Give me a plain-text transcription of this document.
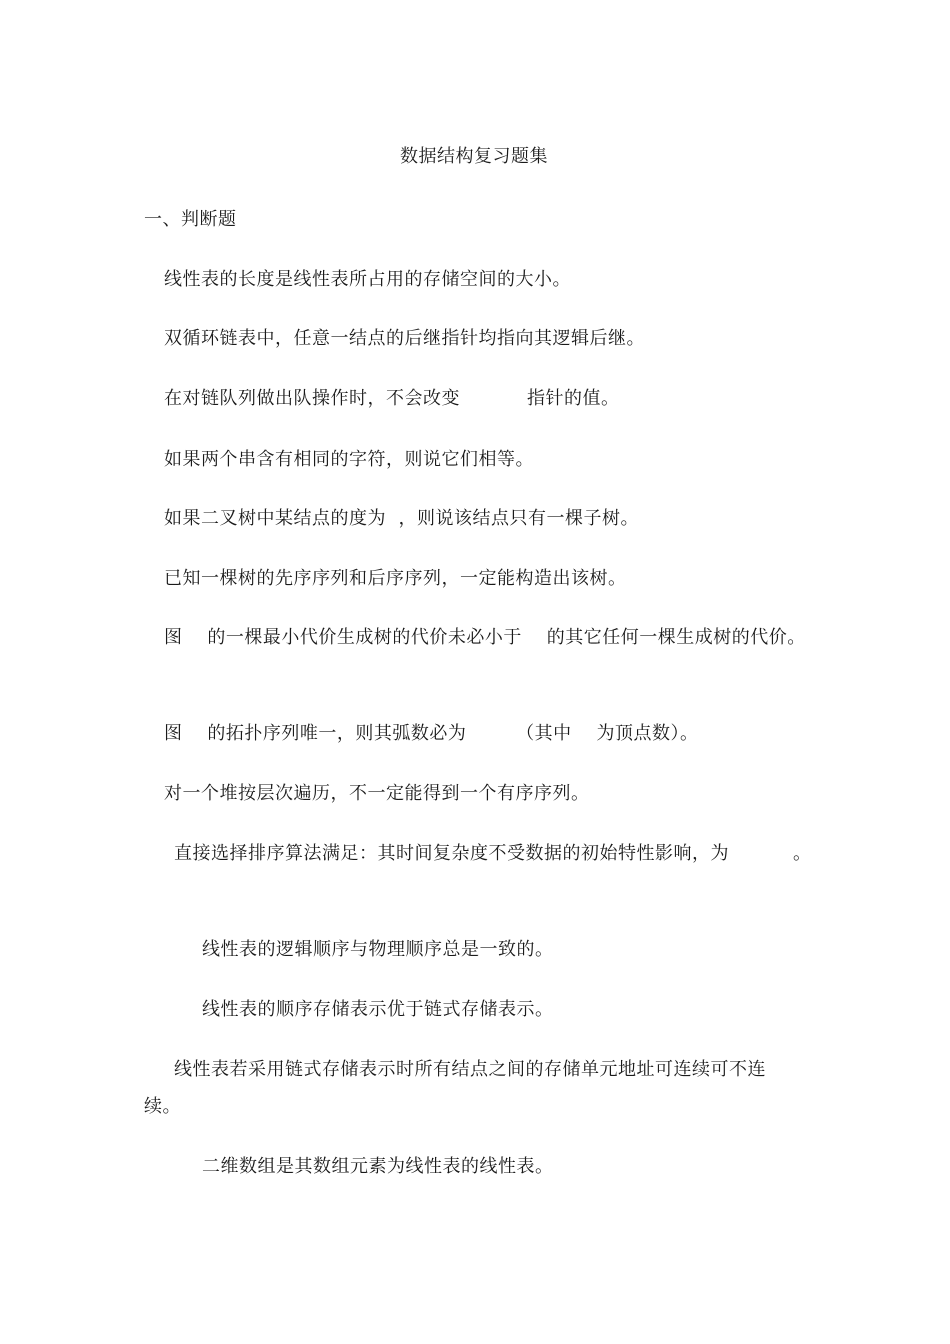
数据结构复习题集
一、判断题
线性表的长度是线性表所占用的存储空间的大小。
双循环链表中，任意一结点的后继指针均指向其逻辑后继。
在对链队列做出队操作时，不会改变	指针的值。
如果两个串含有相同的字符，则说它们相等。
如果二叉树中某结点的度为  ，则说该结点只有一棵子树。
已知一棵树的先序序列和后序序列，一定能构造出该树。
图    的一棵最小代价生成树的代价未必小于    的其它任何一棵生成树的代价。
图    的拓扑序列唯一，则其弧数必为        （其中    为顶点数）。
对一个堆按层次遍历，不一定能得到一个有序序列。
直接选择排序算法满足：其时间复杂度不受数据的初始特性影响，为	。
线性表的逻辑顺序与物理顺序总是一致的。
线性表的顺序存储表示优于链式存储表示。
线性表若采用链式存储表示时所有结点之间的存储单元地址可连续可不连
续。
二维数组是其数组元素为线性表的线性表。
